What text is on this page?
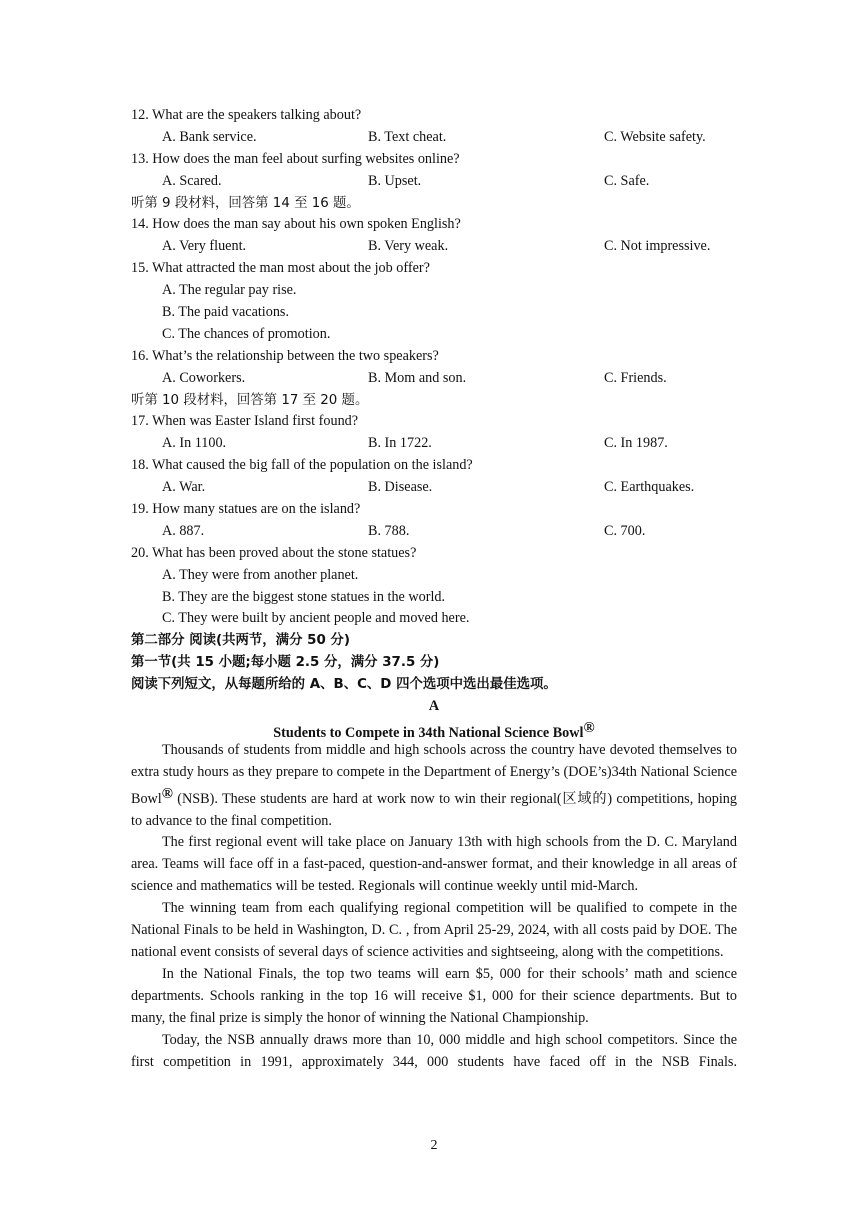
12. What are the speakers talking about?
A. Bank service.	B. Text cheat.	C. Website safety.
13. How does the man feel about surfing websites online?
A. Scared.	B. Upset.	C. Safe.
听第 9 段材料，回答第 14 至 16 题。
14. How does the man say about his own spoken English?
A. Very fluent.	B. Very weak.	C. Not impressive.
15. What attracted the man most about the job offer?
A. The regular pay rise.
B. The paid vacations.
C. The chances of promotion.
16. What’s the relationship between the two speakers?
A. Coworkers.	B. Mom and son.	C. Friends.
听第 10 段材料，回答第 17 至 20 题。
17. When was Easter Island first found?
A. In 1100.	B. In 1722.	C. In 1987.
18. What caused the big fall of the population on the island?
A. War.	B. Disease.	C. Earthquakes.
19. How many statues are on the island?
A. 887.	B. 788.	C. 700.
20. What has been proved about the stone statues?
A. They were from another planet.
B. They are the biggest stone statues in the world.
C. They were built by ancient people and moved here.
第二部分 阅读(共两节，满分 50 分)
第一节(共 15 小题;每小题 2.5 分，满分 37.5 分)
阅读下列短文，从每题所给的 A、B、C、D 四个选项中选出最佳选项。
A
Students to Compete in 34th National Science Bowl®

Thousands of students from middle and high schools across the country have devoted themselves to extra study hours as they prepare to compete in the Department of Energy’s (DOE’s)34th National Science Bowl® (NSB). These students are hard at work now to win their regional(区域的) competitions, hoping to advance to the final competition.

The first regional event will take place on January 13th with high schools from the D. C. Maryland area. Teams will face off in a fast-paced, question-and-answer format, and their knowledge in all areas of science and mathematics will be tested. Regionals will continue weekly until mid-March.

The winning team from each qualifying regional competition will be qualified to compete in the National Finals to be held in Washington, D. C. , from April 25-29, 2024, with all costs paid by DOE. The national event consists of several days of science activities and sightseeing, along with the competitions.

In the National Finals, the top two teams will earn $5, 000 for their schools’ math and science departments. Schools ranking in the top 16 will receive $1, 000 for their science departments. But to many, the final prize is simply the honor of winning the National Championship.

Today, the NSB annually draws more than 10, 000 middle and high school competitors. Since the first competition in 1991, approximately 344, 000 students have faced off in the NSB Finals.

2
